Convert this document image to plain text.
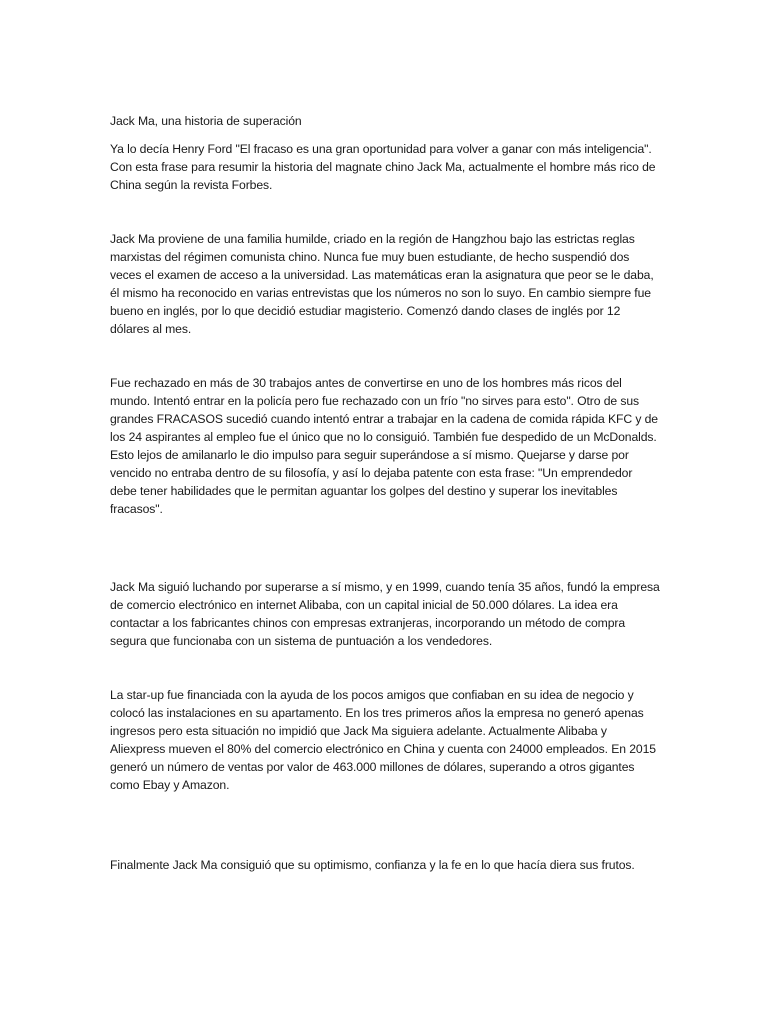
Jack Ma, una historia de superación

Ya lo decía Henry Ford "El fracaso es una gran oportunidad para volver a ganar con más inteligencia". Con esta frase para resumir la historia del magnate chino Jack Ma, actualmente el hombre más rico de China según la revista Forbes.

Jack Ma proviene de una familia humilde, criado en la región de Hangzhou bajo las estrictas reglas marxistas del régimen comunista chino. Nunca fue muy buen estudiante, de hecho suspendió dos veces el examen de acceso a la universidad. Las matemáticas eran la asignatura que peor se le daba, él mismo ha reconocido en varias entrevistas que los números no son lo suyo. En cambio siempre fue bueno en inglés, por lo que decidió estudiar magisterio. Comenzó dando clases de inglés por 12 dólares al mes.

Fue rechazado en más de 30 trabajos antes de convertirse en uno de los hombres más ricos del mundo. Intentó entrar en la policía pero fue rechazado con un frío "no sirves para esto". Otro de sus grandes FRACASOS sucedió cuando intentó entrar a trabajar en la cadena de comida rápida KFC y de los 24 aspirantes al empleo fue el único que no lo consiguió. También fue despedido de un McDonalds. Esto lejos de amilanarlo le dio impulso para seguir superándose a sí mismo. Quejarse y darse por vencido no entraba dentro de su filosofía, y así lo dejaba patente con esta frase: "Un emprendedor debe tener habilidades que le permitan aguantar los golpes del destino y superar los inevitables fracasos".

Jack Ma siguió luchando por superarse a sí mismo, y en 1999, cuando tenía 35 años, fundó la empresa de comercio electrónico en internet Alibaba, con un capital inicial de 50.000 dólares. La idea era contactar a los fabricantes chinos con empresas extranjeras, incorporando un método de compra segura que funcionaba con un sistema de puntuación a los vendedores.

La star-up fue financiada con la ayuda de los pocos amigos que confiaban en su idea de negocio y colocó las instalaciones en su apartamento. En los tres primeros años la empresa no generó apenas ingresos pero esta situación no impidió que Jack Ma siguiera adelante. Actualmente Alibaba y Aliexpress mueven el 80% del comercio electrónico en China y cuenta con 24000 empleados. En 2015 generó un número de ventas por valor de 463.000 millones de dólares, superando a otros gigantes como Ebay y Amazon.

Finalmente Jack Ma consiguió que su optimismo, confianza y la fe en lo que hacía diera sus frutos.
